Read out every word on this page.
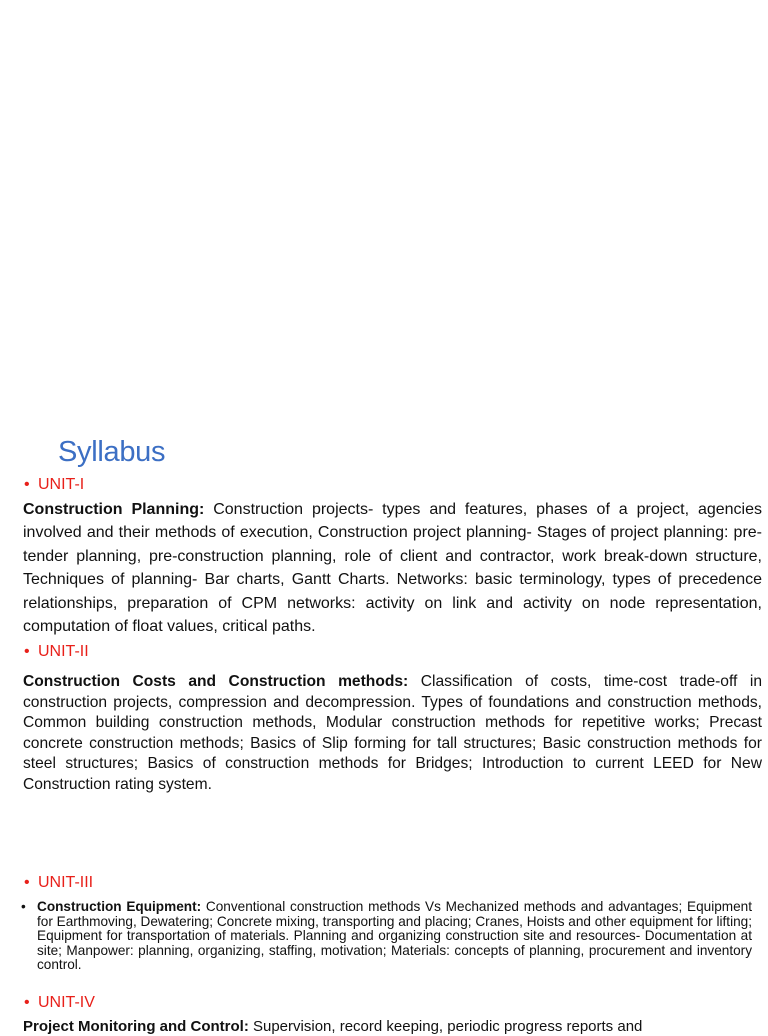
Syllabus
• UNIT-I
Construction Planning: Construction projects- types and features, phases of a project, agencies involved and their methods of execution, Construction project planning- Stages of project planning: pre-tender planning, pre-construction planning, role of client and contractor, work break-down structure, Techniques of planning- Bar charts, Gantt Charts. Networks: basic terminology, types of precedence relationships, preparation of CPM networks: activity on link and activity on node representation, computation of float values, critical paths.
• UNIT-II
Construction Costs and Construction methods: Classification of costs, time-cost trade-off in construction projects, compression and decompression. Types of foundations and construction methods, Common building construction methods, Modular construction methods for repetitive works; Precast concrete construction methods; Basics of Slip forming for tall structures; Basic construction methods for steel structures; Basics of construction methods for Bridges; Introduction to current LEED for New Construction rating system.
• UNIT-III
• Construction Equipment: Conventional construction methods Vs Mechanized methods and advantages; Equipment for Earthmoving, Dewatering; Concrete mixing, transporting and placing; Cranes, Hoists and other equipment for lifting; Equipment for transportation of materials. Planning and organizing construction site and resources- Documentation at site; Manpower: planning, organizing, staffing, motivation; Materials: concepts of planning, procurement and inventory control.
• UNIT-IV
Project Monitoring and Control: Supervision, record keeping, periodic progress reports and
